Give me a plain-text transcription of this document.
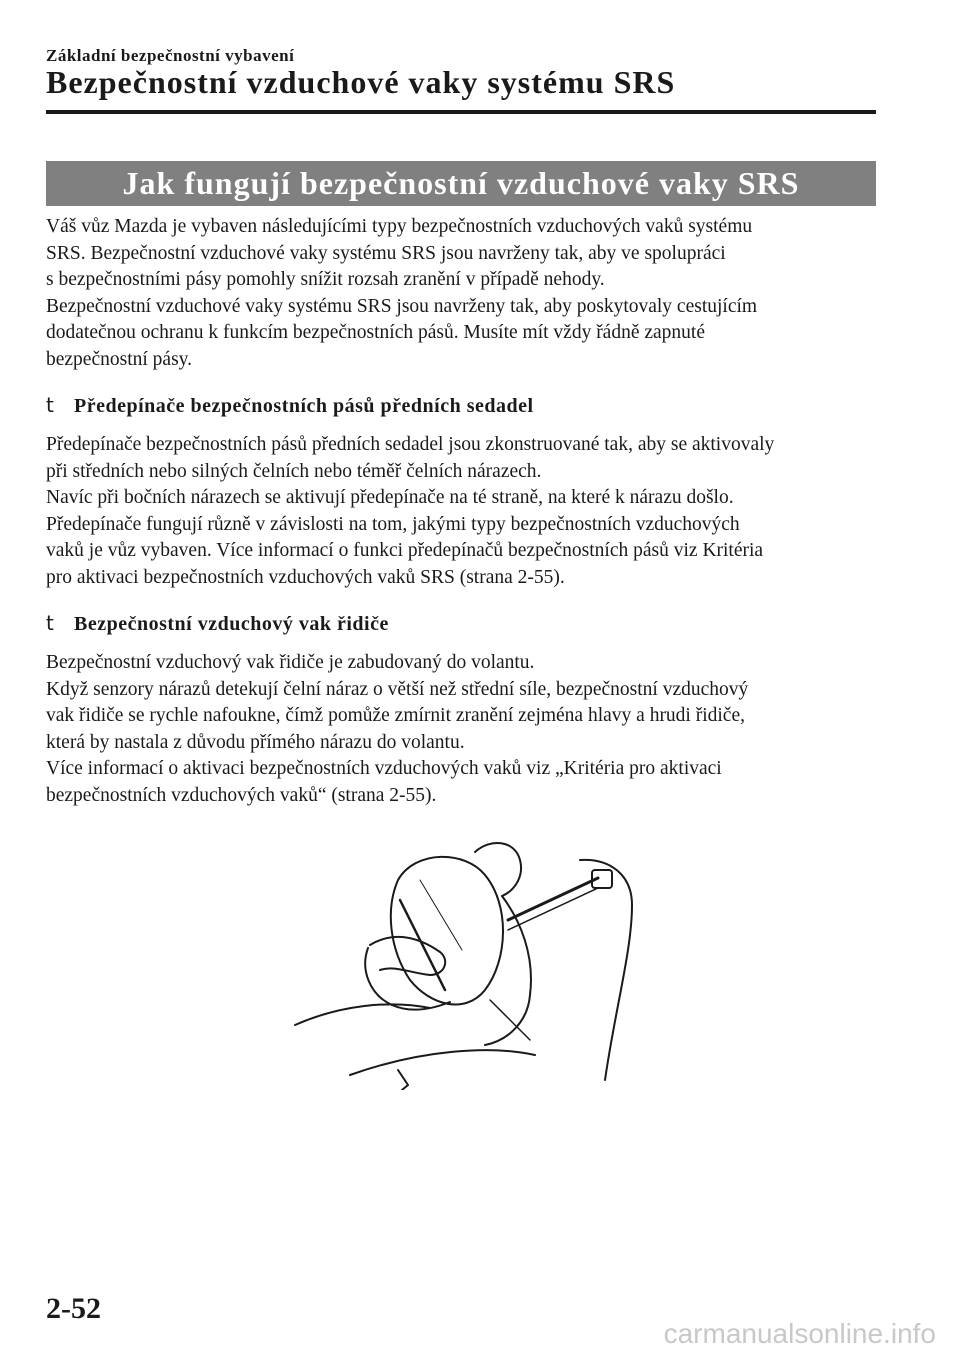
Základní bezpečnostní vybavení
Bezpečnostní vzduchové vaky systému SRS
Jak fungují bezpečnostní vzduchové vaky SRS

Váš vůz Mazda je vybaven následujícími typy bezpečnostních vzduchových vaků systému
SRS. Bezpečnostní vzduchové vaky systému SRS jsou navrženy tak, aby ve spolupráci
s bezpečnostními pásy pomohly snížit rozsah zranění v případě nehody.
Bezpečnostní vzduchové vaky systému SRS jsou navrženy tak, aby poskytovaly cestujícím
dodatečnou ochranu k funkcím bezpečnostních pásů. Musíte mít vždy řádně zapnuté
bezpečnostní pásy.

t Předepínače bezpečnostních pásů předních sedadel

Předepínače bezpečnostních pásů předních sedadel jsou zkonstruované tak, aby se aktivovaly
při středních nebo silných čelních nebo téměř čelních nárazech.
Navíc při bočních nárazech se aktivují předepínače na té straně, na které k nárazu došlo.
Předepínače fungují různě v závislosti na tom, jakými typy bezpečnostních vzduchových
vaků je vůz vybaven. Více informací o funkci předepínačů bezpečnostních pásů viz Kritéria
pro aktivaci bezpečnostních vzduchových vaků SRS (strana 2-55).

t Bezpečnostní vzduchový vak řidiče

Bezpečnostní vzduchový vak řidiče je zabudovaný do volantu.
Když senzory nárazů detekují čelní náraz o větší než střední síle, bezpečnostní vzduchový
vak řidiče se rychle nafoukne, čímž pomůže zmírnit zranění zejména hlavy a hrudi řidiče,
která by nastala z důvodu přímého nárazu do volantu.
Více informací o aktivaci bezpečnostních vzduchových vaků viz „Kritéria pro aktivaci
bezpečnostních vzduchových vaků“ (strana 2-55).

2-52
carmanualsonline.info
